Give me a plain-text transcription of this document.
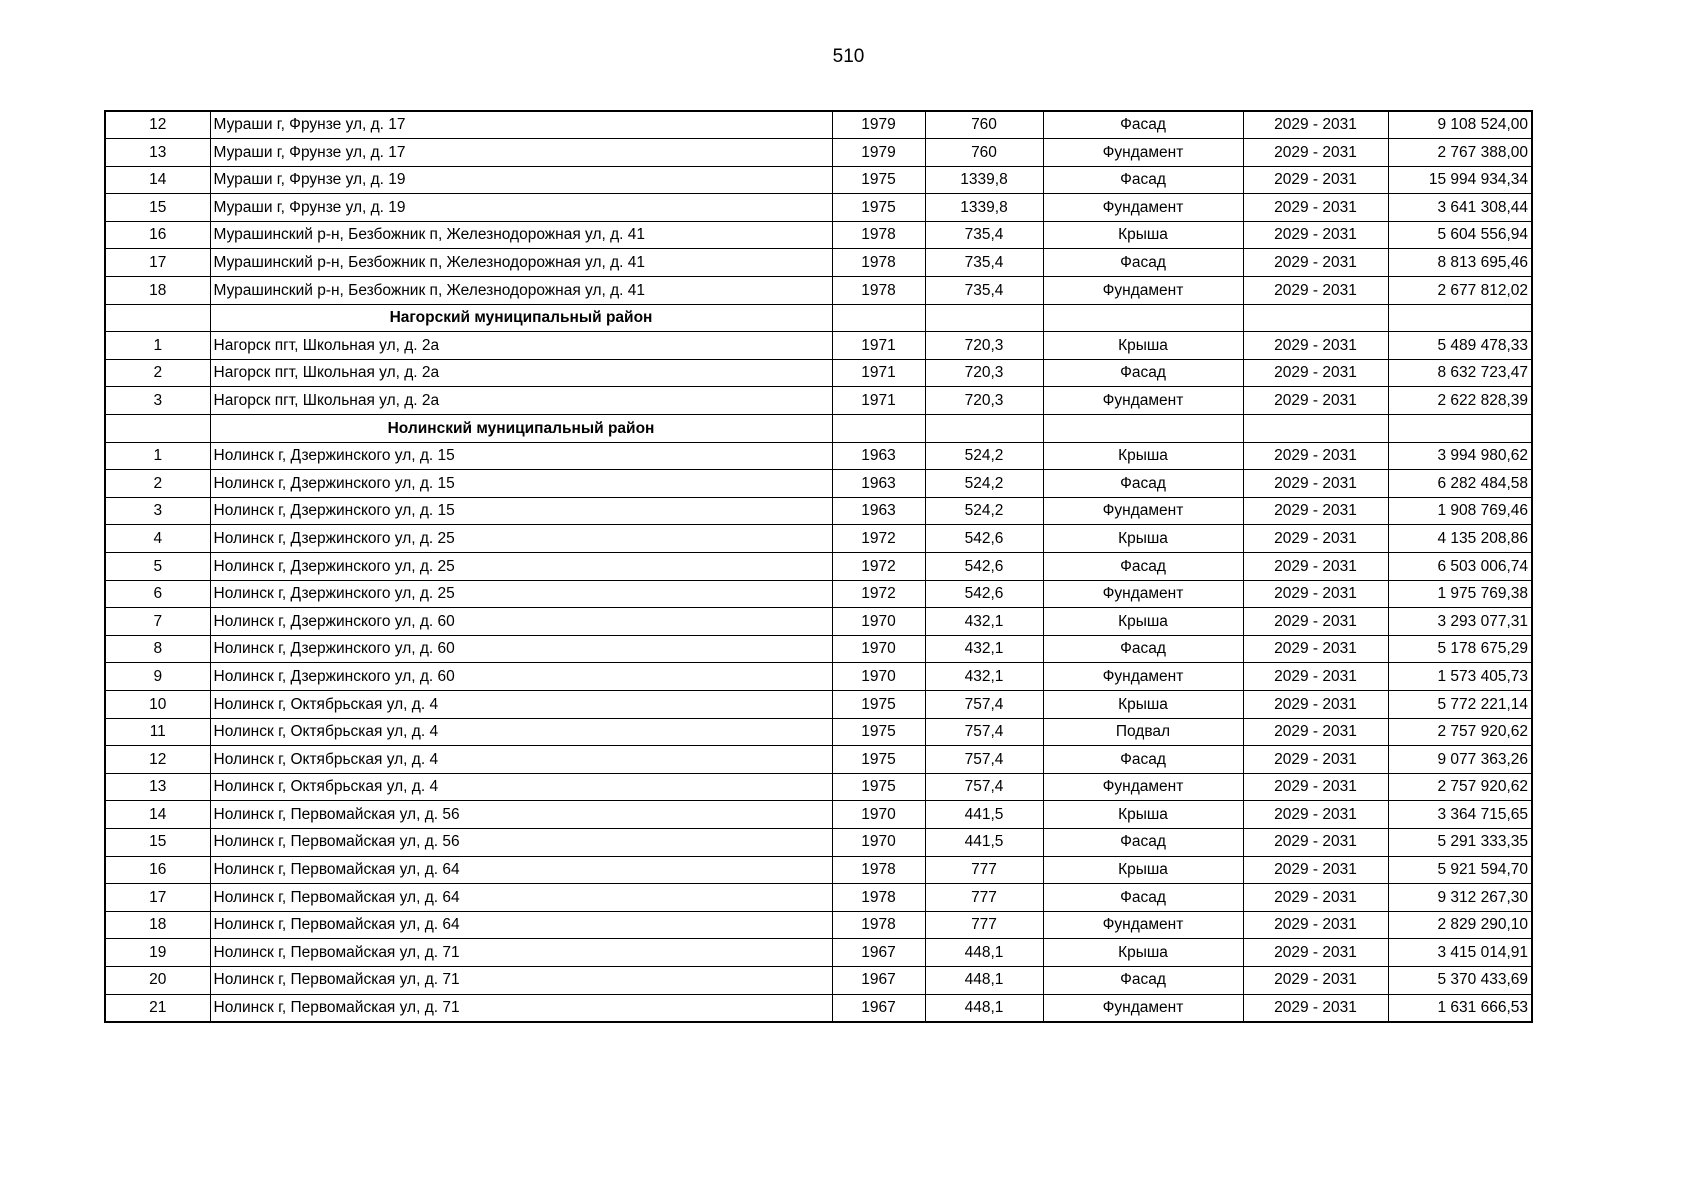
510
12	Мураши г, Фрунзе ул, д. 17	1979	760	Фасад	2029 - 2031	9 108 524,00
13	Мураши г, Фрунзе ул, д. 17	1979	760	Фундамент	2029 - 2031	2 767 388,00
14	Мураши г, Фрунзе ул, д. 19	1975	1339,8	Фасад	2029 - 2031	15 994 934,34
15	Мураши г, Фрунзе ул, д. 19	1975	1339,8	Фундамент	2029 - 2031	3 641 308,44
16	Мурашинский р-н, Безбожник п, Железнодорожная ул, д. 41	1978	735,4	Крыша	2029 - 2031	5 604 556,94
17	Мурашинский р-н, Безбожник п, Железнодорожная ул, д. 41	1978	735,4	Фасад	2029 - 2031	8 813 695,46
18	Мурашинский р-н, Безбожник п, Железнодорожная ул, д. 41	1978	735,4	Фундамент	2029 - 2031	2 677 812,02
	Нагорский муниципальный район					
1	Нагорск пгт, Школьная ул, д. 2а	1971	720,3	Крыша	2029 - 2031	5 489 478,33
2	Нагорск пгт, Школьная ул, д. 2а	1971	720,3	Фасад	2029 - 2031	8 632 723,47
3	Нагорск пгт, Школьная ул, д. 2а	1971	720,3	Фундамент	2029 - 2031	2 622 828,39
	Нолинский муниципальный район					
1	Нолинск г, Дзержинского ул, д. 15	1963	524,2	Крыша	2029 - 2031	3 994 980,62
2	Нолинск г, Дзержинского ул, д. 15	1963	524,2	Фасад	2029 - 2031	6 282 484,58
3	Нолинск г, Дзержинского ул, д. 15	1963	524,2	Фундамент	2029 - 2031	1 908 769,46
4	Нолинск г, Дзержинского ул, д. 25	1972	542,6	Крыша	2029 - 2031	4 135 208,86
5	Нолинск г, Дзержинского ул, д. 25	1972	542,6	Фасад	2029 - 2031	6 503 006,74
6	Нолинск г, Дзержинского ул, д. 25	1972	542,6	Фундамент	2029 - 2031	1 975 769,38
7	Нолинск г, Дзержинского ул, д. 60	1970	432,1	Крыша	2029 - 2031	3 293 077,31
8	Нолинск г, Дзержинского ул, д. 60	1970	432,1	Фасад	2029 - 2031	5 178 675,29
9	Нолинск г, Дзержинского ул, д. 60	1970	432,1	Фундамент	2029 - 2031	1 573 405,73
10	Нолинск г, Октябрьская ул, д. 4	1975	757,4	Крыша	2029 - 2031	5 772 221,14
11	Нолинск г, Октябрьская ул, д. 4	1975	757,4	Подвал	2029 - 2031	2 757 920,62
12	Нолинск г, Октябрьская ул, д. 4	1975	757,4	Фасад	2029 - 2031	9 077 363,26
13	Нолинск г, Октябрьская ул, д. 4	1975	757,4	Фундамент	2029 - 2031	2 757 920,62
14	Нолинск г, Первомайская ул, д. 56	1970	441,5	Крыша	2029 - 2031	3 364 715,65
15	Нолинск г, Первомайская ул, д. 56	1970	441,5	Фасад	2029 - 2031	5 291 333,35
16	Нолинск г, Первомайская ул, д. 64	1978	777	Крыша	2029 - 2031	5 921 594,70
17	Нолинск г, Первомайская ул, д. 64	1978	777	Фасад	2029 - 2031	9 312 267,30
18	Нолинск г, Первомайская ул, д. 64	1978	777	Фундамент	2029 - 2031	2 829 290,10
19	Нолинск г, Первомайская ул, д. 71	1967	448,1	Крыша	2029 - 2031	3 415 014,91
20	Нолинск г, Первомайская ул, д. 71	1967	448,1	Фасад	2029 - 2031	5 370 433,69
21	Нолинск г, Первомайская ул, д. 71	1967	448,1	Фундамент	2029 - 2031	1 631 666,53
